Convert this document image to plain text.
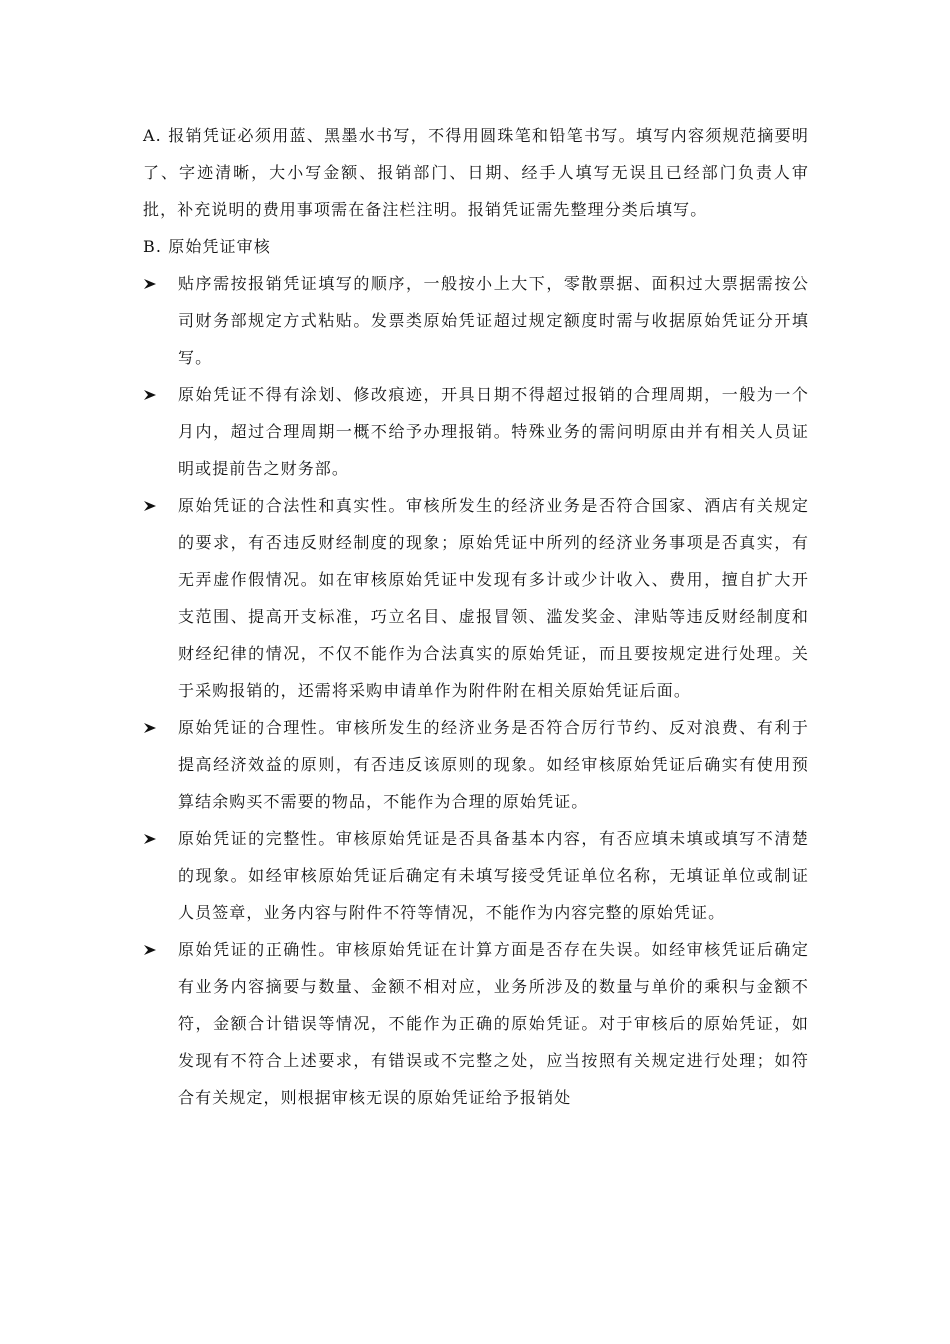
A. 报销凭证必须用蓝、黑墨水书写，不得用圆珠笔和铅笔书写。填写内容须规范摘要明了、字迹清晰，大小写金额、报销部门、日期、经手人填写无误且已经部门负责人审批，补充说明的费用事项需在备注栏注明。报销凭证需先整理分类后填写。

B. 原始凭证审核

贴序需按报销凭证填写的顺序，一般按小上大下，零散票据、面积过大票据需按公司财务部规定方式粘贴。发票类原始凭证超过规定额度时需与收据原始凭证分开填写。
原始凭证不得有涂划、修改痕迹，开具日期不得超过报销的合理周期，一般为一个月内，超过合理周期一概不给予办理报销。特殊业务的需问明原由并有相关人员证明或提前告之财务部。
原始凭证的合法性和真实性。审核所发生的经济业务是否符合国家、酒店有关规定的要求，有否违反财经制度的现象；原始凭证中所列的经济业务事项是否真实，有无弄虚作假情况。如在审核原始凭证中发现有多计或少计收入、费用，擅自扩大开支范围、提高开支标准，巧立名目、虚报冒领、滥发奖金、津贴等违反财经制度和财经纪律的情况，不仅不能作为合法真实的原始凭证，而且要按规定进行处理。关于采购报销的，还需将采购申请单作为附件附在相关原始凭证后面。
原始凭证的合理性。审核所发生的经济业务是否符合厉行节约、反对浪费、有利于提高经济效益的原则，有否违反该原则的现象。如经审核原始凭证后确实有使用预算结余购买不需要的物品，不能作为合理的原始凭证。
原始凭证的完整性。审核原始凭证是否具备基本内容，有否应填未填或填写不清楚的现象。如经审核原始凭证后确定有未填写接受凭证单位名称，无填证单位或制证人员签章，业务内容与附件不符等情况，不能作为内容完整的原始凭证。
原始凭证的正确性。审核原始凭证在计算方面是否存在失误。如经审核凭证后确定有业务内容摘要与数量、金额不相对应，业务所涉及的数量与单价的乘积与金额不符，金额合计错误等情况，不能作为正确的原始凭证。对于审核后的原始凭证，如发现有不符合上述要求，有错误或不完整之处，应当按照有关规定进行处理；如符合有关规定，则根据审核无误的原始凭证给予报销处
